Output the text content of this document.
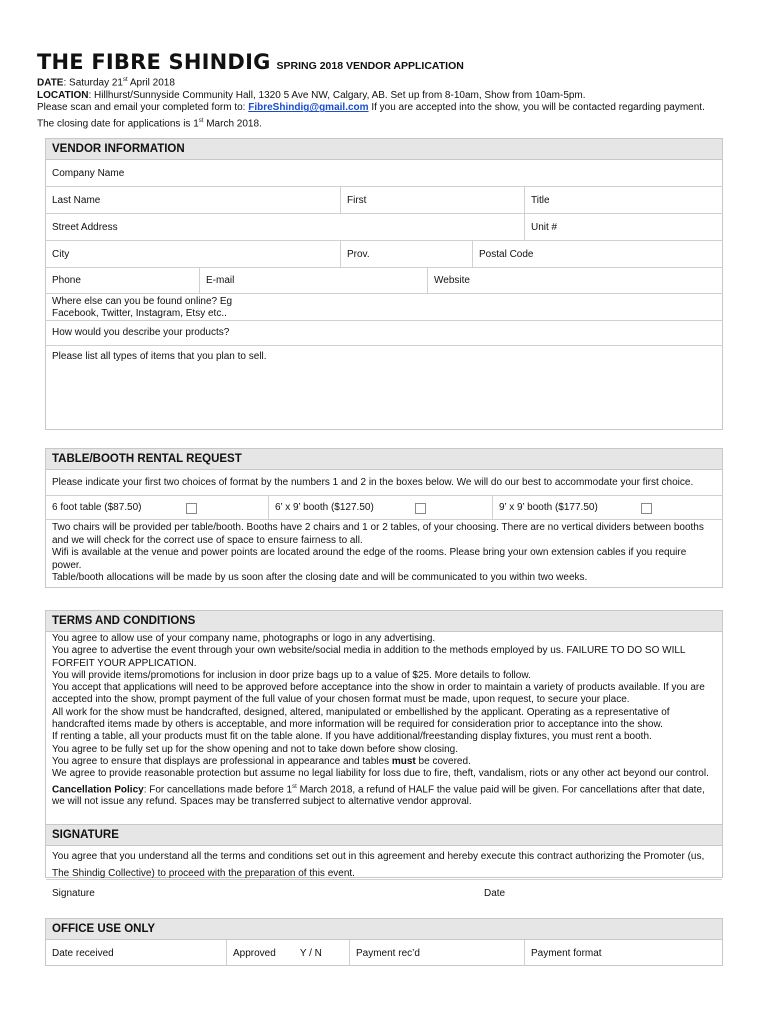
THE FIBRE SHINDIG SPRING 2018 VENDOR APPLICATION
DATE: Saturday 21st April 2018
LOCATION: Hillhurst/Sunnyside Community Hall, 1320 5 Ave NW, Calgary, AB. Set up from 8-10am, Show from 10am-5pm.
Please scan and email your completed form to: FibreShindig@gmail.com If you are accepted into the show, you will be contacted regarding payment.
The closing date for applications is 1st March 2018.
VENDOR INFORMATION
Company Name
Last Name	First	Title
Street Address	Unit #
City	Prov.	Postal Code
Phone	E-mail	Website
Where else can you be found online? Eg
Facebook, Twitter, Instagram, Etsy etc..
How would you describe your products?
Please list all types of items that you plan to sell.
TABLE/BOOTH RENTAL REQUEST
Please indicate your first two choices of format by the numbers 1 and 2 in the boxes below. We will do our best to accommodate your first choice.
6 foot table ($87.50)	6’ x 9’ booth ($127.50)	9’ x 9’ booth ($177.50)
Two chairs will be provided per table/booth. Booths have 2 chairs and 1 or 2 tables, of your choosing. There are no vertical dividers between booths and we will check for the correct use of space to ensure fairness to all.
Wifi is available at the venue and power points are located around the edge of the rooms. Please bring your own extension cables if you require power.
Table/booth allocations will be made by us soon after the closing date and will be communicated to you within two weeks.
TERMS AND CONDITIONS
You agree to allow use of your company name, photographs or logo in any advertising.
You agree to advertise the event through your own website/social media in addition to the methods employed by us. FAILURE TO DO SO WILL FORFEIT YOUR APPLICATION.
You will provide items/promotions for inclusion in door prize bags up to a value of $25. More details to follow.
You accept that applications will need to be approved before acceptance into the show in order to maintain a variety of products available. If you are accepted into the show, prompt payment of the full value of your chosen format must be made, upon request, to secure your place.
All work for the show must be handcrafted, designed, altered, manipulated or embellished by the applicant. Operating as a representative of handcrafted items made by others is acceptable, and more information will be required for consideration prior to acceptance into the show.
If renting a table, all your products must fit on the table alone. If you have additional/freestanding display fixtures, you must rent a booth.
You agree to be fully set up for the show opening and not to take down before show closing.
You agree to ensure that displays are professional in appearance and tables must be covered.
We agree to provide reasonable protection but assume no legal liability for loss due to fire, theft, vandalism, riots or any other act beyond our control.
Cancellation Policy: For cancellations made before 1st March 2018, a refund of HALF the value paid will be given. For cancellations after that date, we will not issue any refund. Spaces may be transferred subject to alternative vendor approval.
SIGNATURE
You agree that you understand all the terms and conditions set out in this agreement and hereby execute this contract authorizing the Promoter (us, The Shindig Collective) to proceed with the preparation of this event.
Signature	Date
OFFICE USE ONLY
Date received	Approved Y / N	Payment rec’d	Payment format
